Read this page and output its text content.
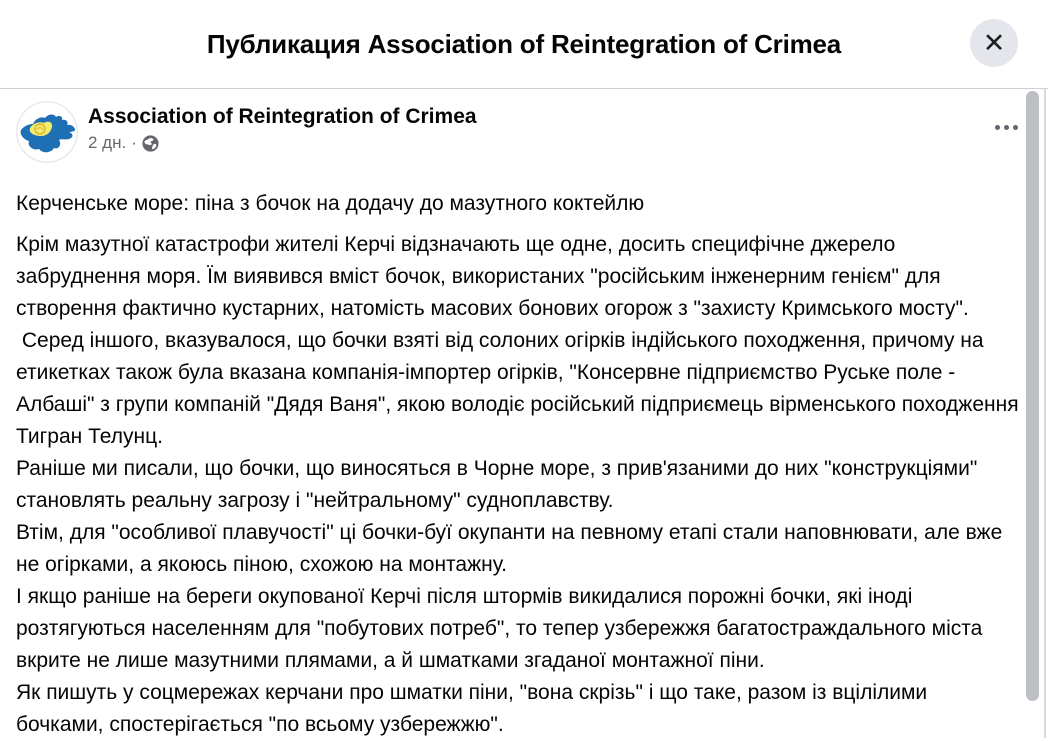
Публикация Association of Reintegration of Crimea	✕
Association of Reintegration of Crimea
2 дн. ·
Керченське море: піна з бочок на додачу до мазутного коктейлю
Крім мазутної катастрофи жителі Керчі відзначають ще одне, досить специфічне джерело забруднення моря. Їм виявився вміст бочок, використаних "російським інженерним генієм" для створення фактично кустарних, натомість масових бонових огорож з "захисту Кримського мосту".
Серед іншого, вказувалося, що бочки взяті від солоних огірків індійського походження, причому на етикетках також була вказана компанія-імпортер огірків, "Консервне підприємство Руське поле - Албаші" з групи компаній "Дядя Ваня", якою володіє російський підприємець вірменського походження Тигран Телунц.
Раніше ми писали, що бочки, що виносяться в Чорне море, з прив'язаними до них "конструкціями" становлять реальну загрозу і "нейтральному" судноплавству.
Втім, для "особливої плавучості" ці бочки-буї окупанти на певному етапі стали наповнювати, але вже не огірками, а якоюсь піною, схожою на монтажну.
І якщо раніше на береги окупованої Керчі після штормів викидалися порожні бочки, які іноді розтягуються населенням для "побутових потреб", то тепер узбережжя багатостраждального міста вкрите не лише мазутними плямами, а й шматками згаданої монтажної піни.
Як пишуть у соцмережах керчани про шматки піни, "вона скрізь" і що таке, разом із вцілілими бочками, спостерігається "по всьому узбережжю".
